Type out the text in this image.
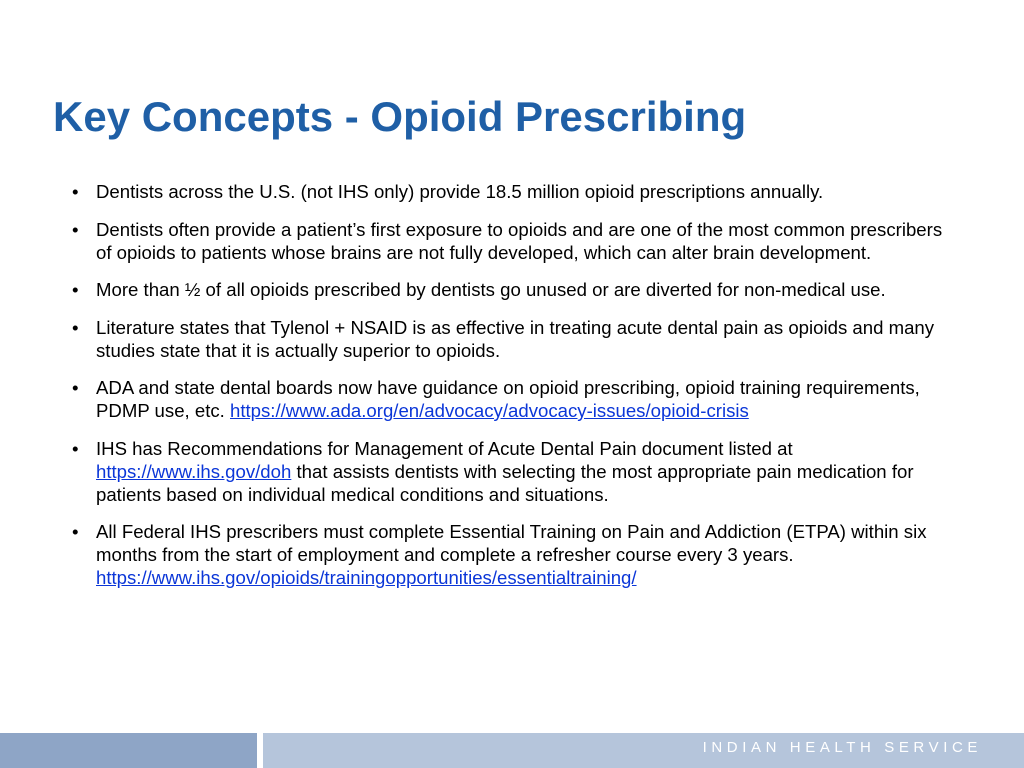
Key Concepts - Opioid Prescribing
• Dentists across the U.S. (not IHS only) provide 18.5 million opioid prescriptions annually.
• Dentists often provide a patient’s first exposure to opioids and are one of the most common prescribers of opioids to patients whose brains are not fully developed, which can alter brain development.
• More than ½ of all opioids prescribed by dentists go unused or are diverted for non-medical use.
• Literature states that Tylenol + NSAID is as effective in treating acute dental pain as opioids and many studies state that it is actually superior to opioids.
• ADA and state dental boards now have guidance on opioid prescribing, opioid training requirements, PDMP use, etc. https://www.ada.org/en/advocacy/advocacy-issues/opioid-crisis
• IHS has Recommendations for Management of Acute Dental Pain document listed at https://www.ihs.gov/doh that assists dentists with selecting the most appropriate pain medication for patients based on individual medical conditions and situations.
• All Federal IHS prescribers must complete Essential Training on Pain and Addiction (ETPA) within six months from the start of employment and complete a refresher course every 3 years. https://www.ihs.gov/opioids/trainingopportunities/essentialtraining/
INDIAN HEALTH SERVICE
